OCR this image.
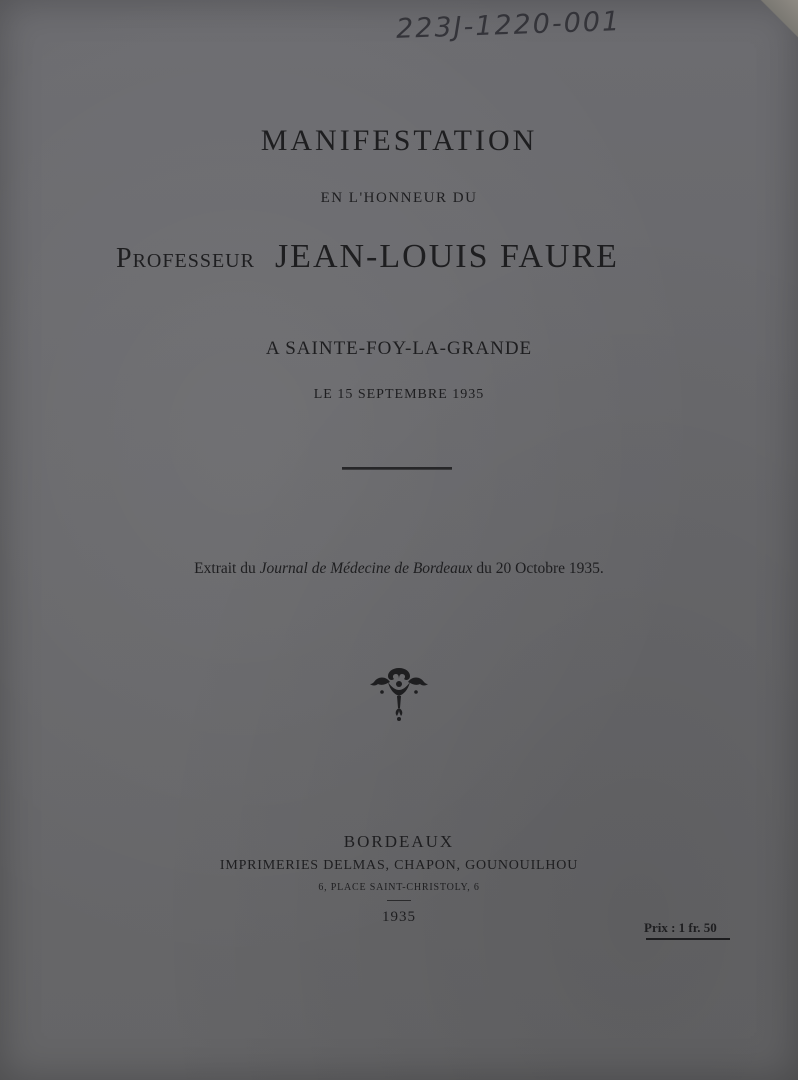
223J-1220-001
MANIFESTATION
EN L'HONNEUR DU
Professeur JEAN-LOUIS FAURE
A SAINTE-FOY-LA-GRANDE
LE 15 SEPTEMBRE 1935
Extrait du Journal de Médecine de Bordeaux du 20 Octobre 1935.
BORDEAUX
IMPRIMERIES DELMAS, CHAPON, GOUNOUILHOU
6, PLACE SAINT-CHRISTOLY, 6
1935
Prix : 1 fr. 50
